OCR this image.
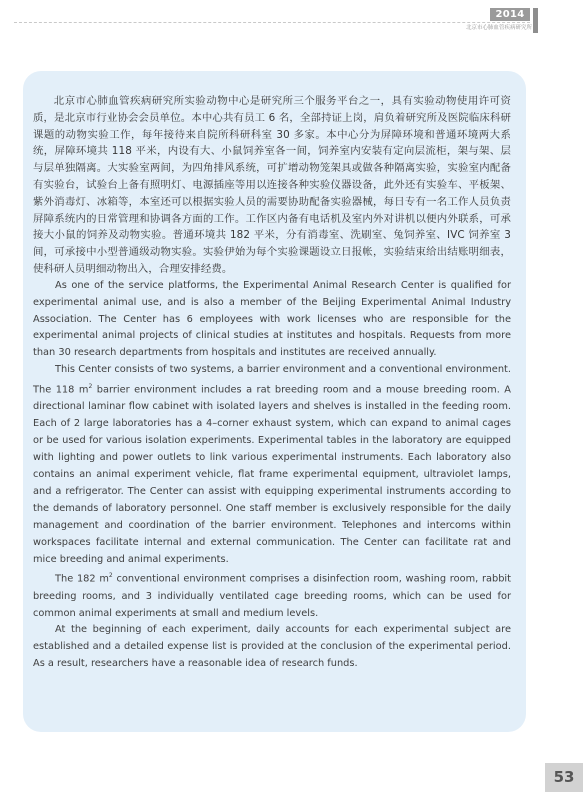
2014
北京市心肺血管疾病研究所

北京市心肺血管疾病研究所实验动物中心是研究所三个服务平台之一，具有实验动物使用许可资质，是北京市行业协会会员单位。本中心共有员工 6 名，全部持证上岗，肩负着研究所及医院临床科研课题的动物实验工作，每年接待来自院所科研科室 30 多家。本中心分为屏障环境和普通环境两大系统，屏障环境共 118 平米，内设有大、小鼠饲养室各一间，饲养室内安装有定向层流柜，架与架、层与层单独隔离。大实验室两间，为四角排风系统，可扩增动物笼架具或做各种隔离实验，实验室内配备有实验台，试验台上备有照明灯、电源插座等用以连接各种实验仪器设备，此外还有实验车、平板架、紫外消毒灯、冰箱等，本室还可以根据实验人员的需要协助配备实验器械，每日专有一名工作人员负责屏障系统内的日常管理和协调各方面的工作。工作区内备有电话机及室内外对讲机以便内外联系，可承接大小鼠的饲养及动物实验。普通环境共 182 平米，分有消毒室、洗刷室、兔饲养室、IVC 饲养室 3 间，可承接中小型普通级动物实验。实验伊始为每个实验课题设立日报帐，实验结束给出结账明细表，使科研人员明细动物出入，合理安排经费。

As one of the service platforms, the Experimental Animal Research Center is qualified for experimental animal use, and is also a member of the Beijing Experimental Animal Industry Association. The Center has 6 employees with work licenses who are responsible for the experimental animal projects of clinical studies at institutes and hospitals. Requests from more than 30 research departments from hospitals and institutes are received annually.

This Center consists of two systems, a barrier environment and a conventional environment. The 118 $m^2$ barrier environment includes a rat breeding room and a mouse breeding room. A directional laminar flow cabinet with isolated layers and shelves is installed in the feeding room. Each of 2 large laboratories has a 4–corner exhaust system, which can expand to animal cages or be used for various isolation experiments. Experimental tables in the laboratory are equipped with lighting and power outlets to link various experimental instruments. Each laboratory also contains an animal experiment vehicle, flat frame experimental equipment, ultraviolet lamps, and a refrigerator. The Center can assist with equipping experimental instruments according to the demands of laboratory personnel. One staff member is exclusively responsible for the daily management and coordination of the barrier environment. Telephones and intercoms within workspaces facilitate internal and external communication. The Center can facilitate rat and mice breeding and animal experiments.

The 182 $m^2$ conventional environment comprises a disinfection room, washing room, rabbit breeding rooms, and 3 individually ventilated cage breeding rooms, which can be used for common animal experiments at small and medium levels.

At the beginning of each experiment, daily accounts for each experimental subject are established and a detailed expense list is provided at the conclusion of the experimental period. As a result, researchers have a reasonable idea of research funds.

53
